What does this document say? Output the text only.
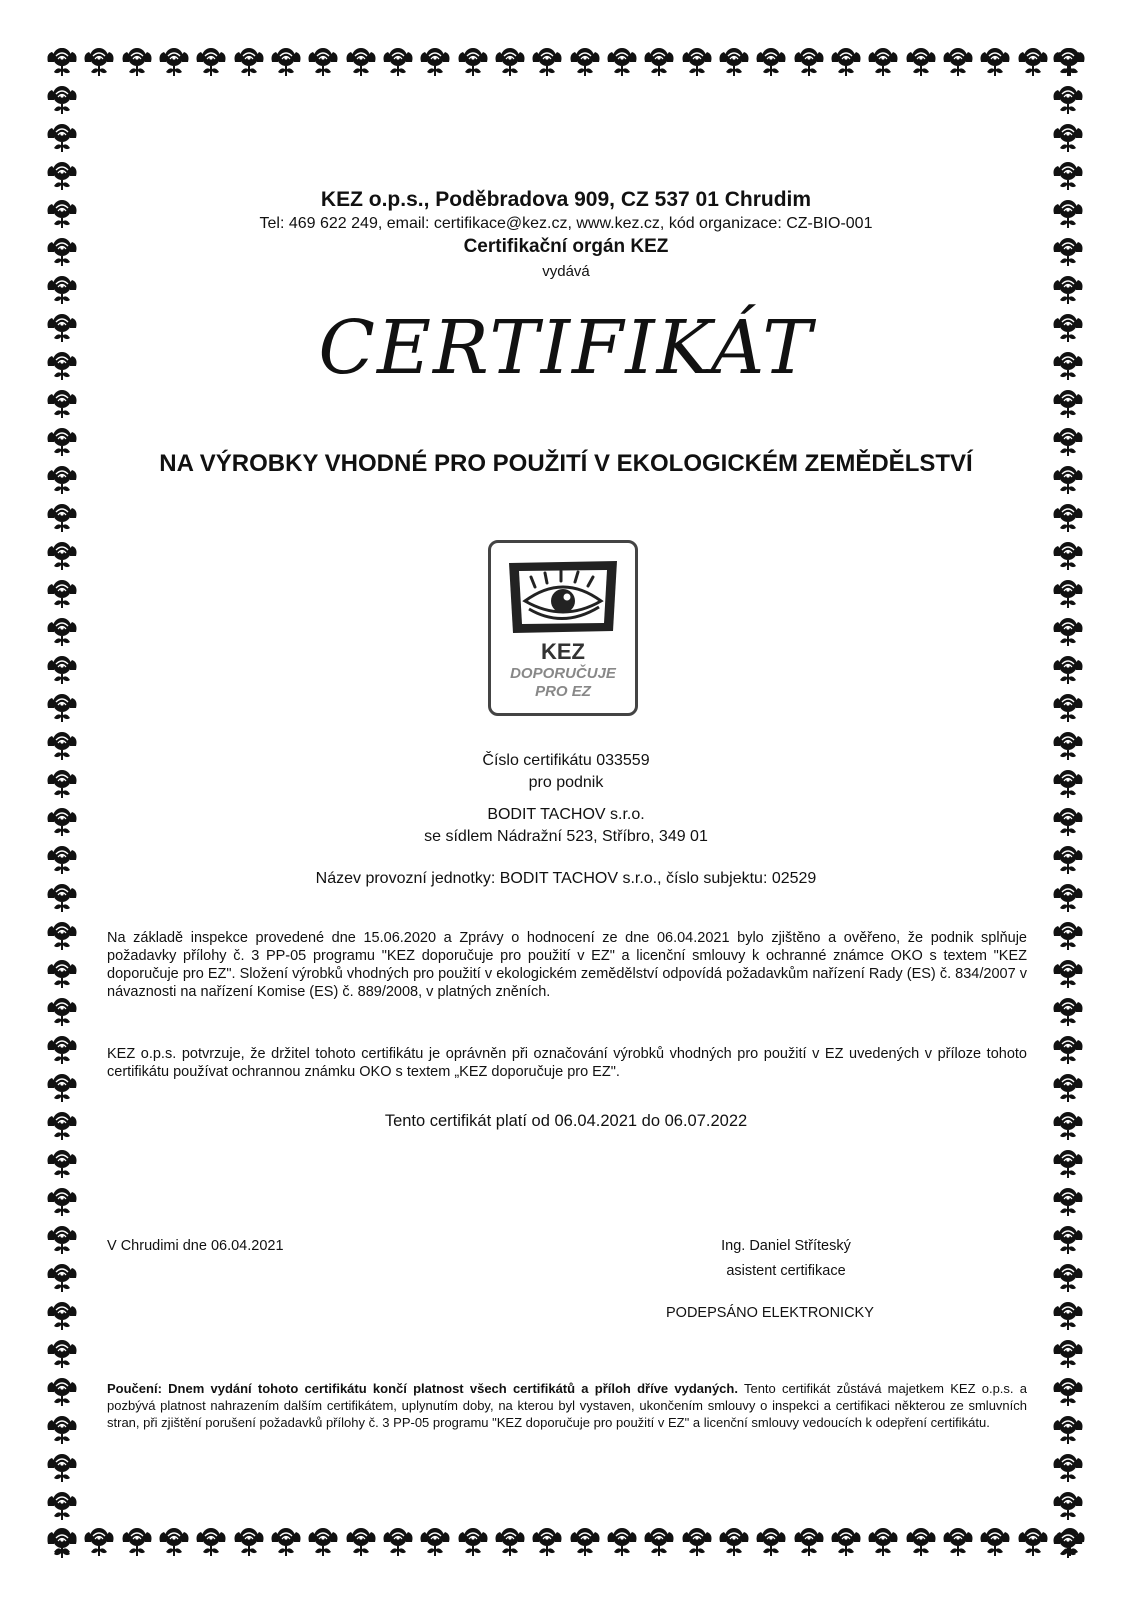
KEZ o.p.s., Poděbradova 909, CZ 537 01 Chrudim
Tel: 469 622 249, email: certifikace@kez.cz, www.kez.cz, kód organizace: CZ-BIO-001
Certifikační orgán KEZ
vydává
CERTIFIKÁT
NA VÝROBKY VHODNÉ PRO POUŽITÍ V EKOLOGICKÉM ZEMĚDĚLSTVÍ
KEZ
DOPORUČUJE
PRO EZ
Číslo certifikátu 033559
pro podnik
BODIT TACHOV s.r.o.
se sídlem Nádražní 523, Stříbro, 349 01
Název provozní jednotky: BODIT TACHOV s.r.o., číslo subjektu: 02529
Na základě inspekce provedené dne 15.06.2020 a Zprávy o hodnocení ze dne 06.04.2021 bylo zjištěno a ověřeno, že podnik splňuje požadavky přílohy č. 3 PP-05 programu "KEZ doporučuje pro použití v EZ" a licenční smlouvy k ochranné známce OKO s textem "KEZ doporučuje pro EZ". Složení výrobků vhodných pro použití v ekologickém zemědělství odpovídá požadavkům nařízení Rady (ES) č. 834/2007 v návaznosti na nařízení Komise (ES) č. 889/2008, v platných zněních.
KEZ o.p.s. potvrzuje, že držitel tohoto certifikátu je oprávněn při označování výrobků vhodných pro použití v EZ uvedených v příloze tohoto certifikátu používat ochrannou známku OKO s textem „KEZ doporučuje pro EZ".
Tento certifikát platí od 06.04.2021 do 06.07.2022
V Chrudimi dne 06.04.2021	Ing. Daniel Stříteský
asistent certifikace
PODEPSÁNO ELEKTRONICKY
Poučení: Dnem vydání tohoto certifikátu končí platnost všech certifikátů a příloh dříve vydaných. Tento certifikát zůstává majetkem KEZ o.p.s. a pozbývá platnost nahrazením dalším certifikátem, uplynutím doby, na kterou byl vystaven, ukončením smlouvy o inspekci a certifikaci některou ze smluvních stran, při zjištění porušení požadavků přílohy č. 3 PP-05 programu "KEZ doporučuje pro použití v EZ" a licenční smlouvy vedoucích k odepření certifikátu.
